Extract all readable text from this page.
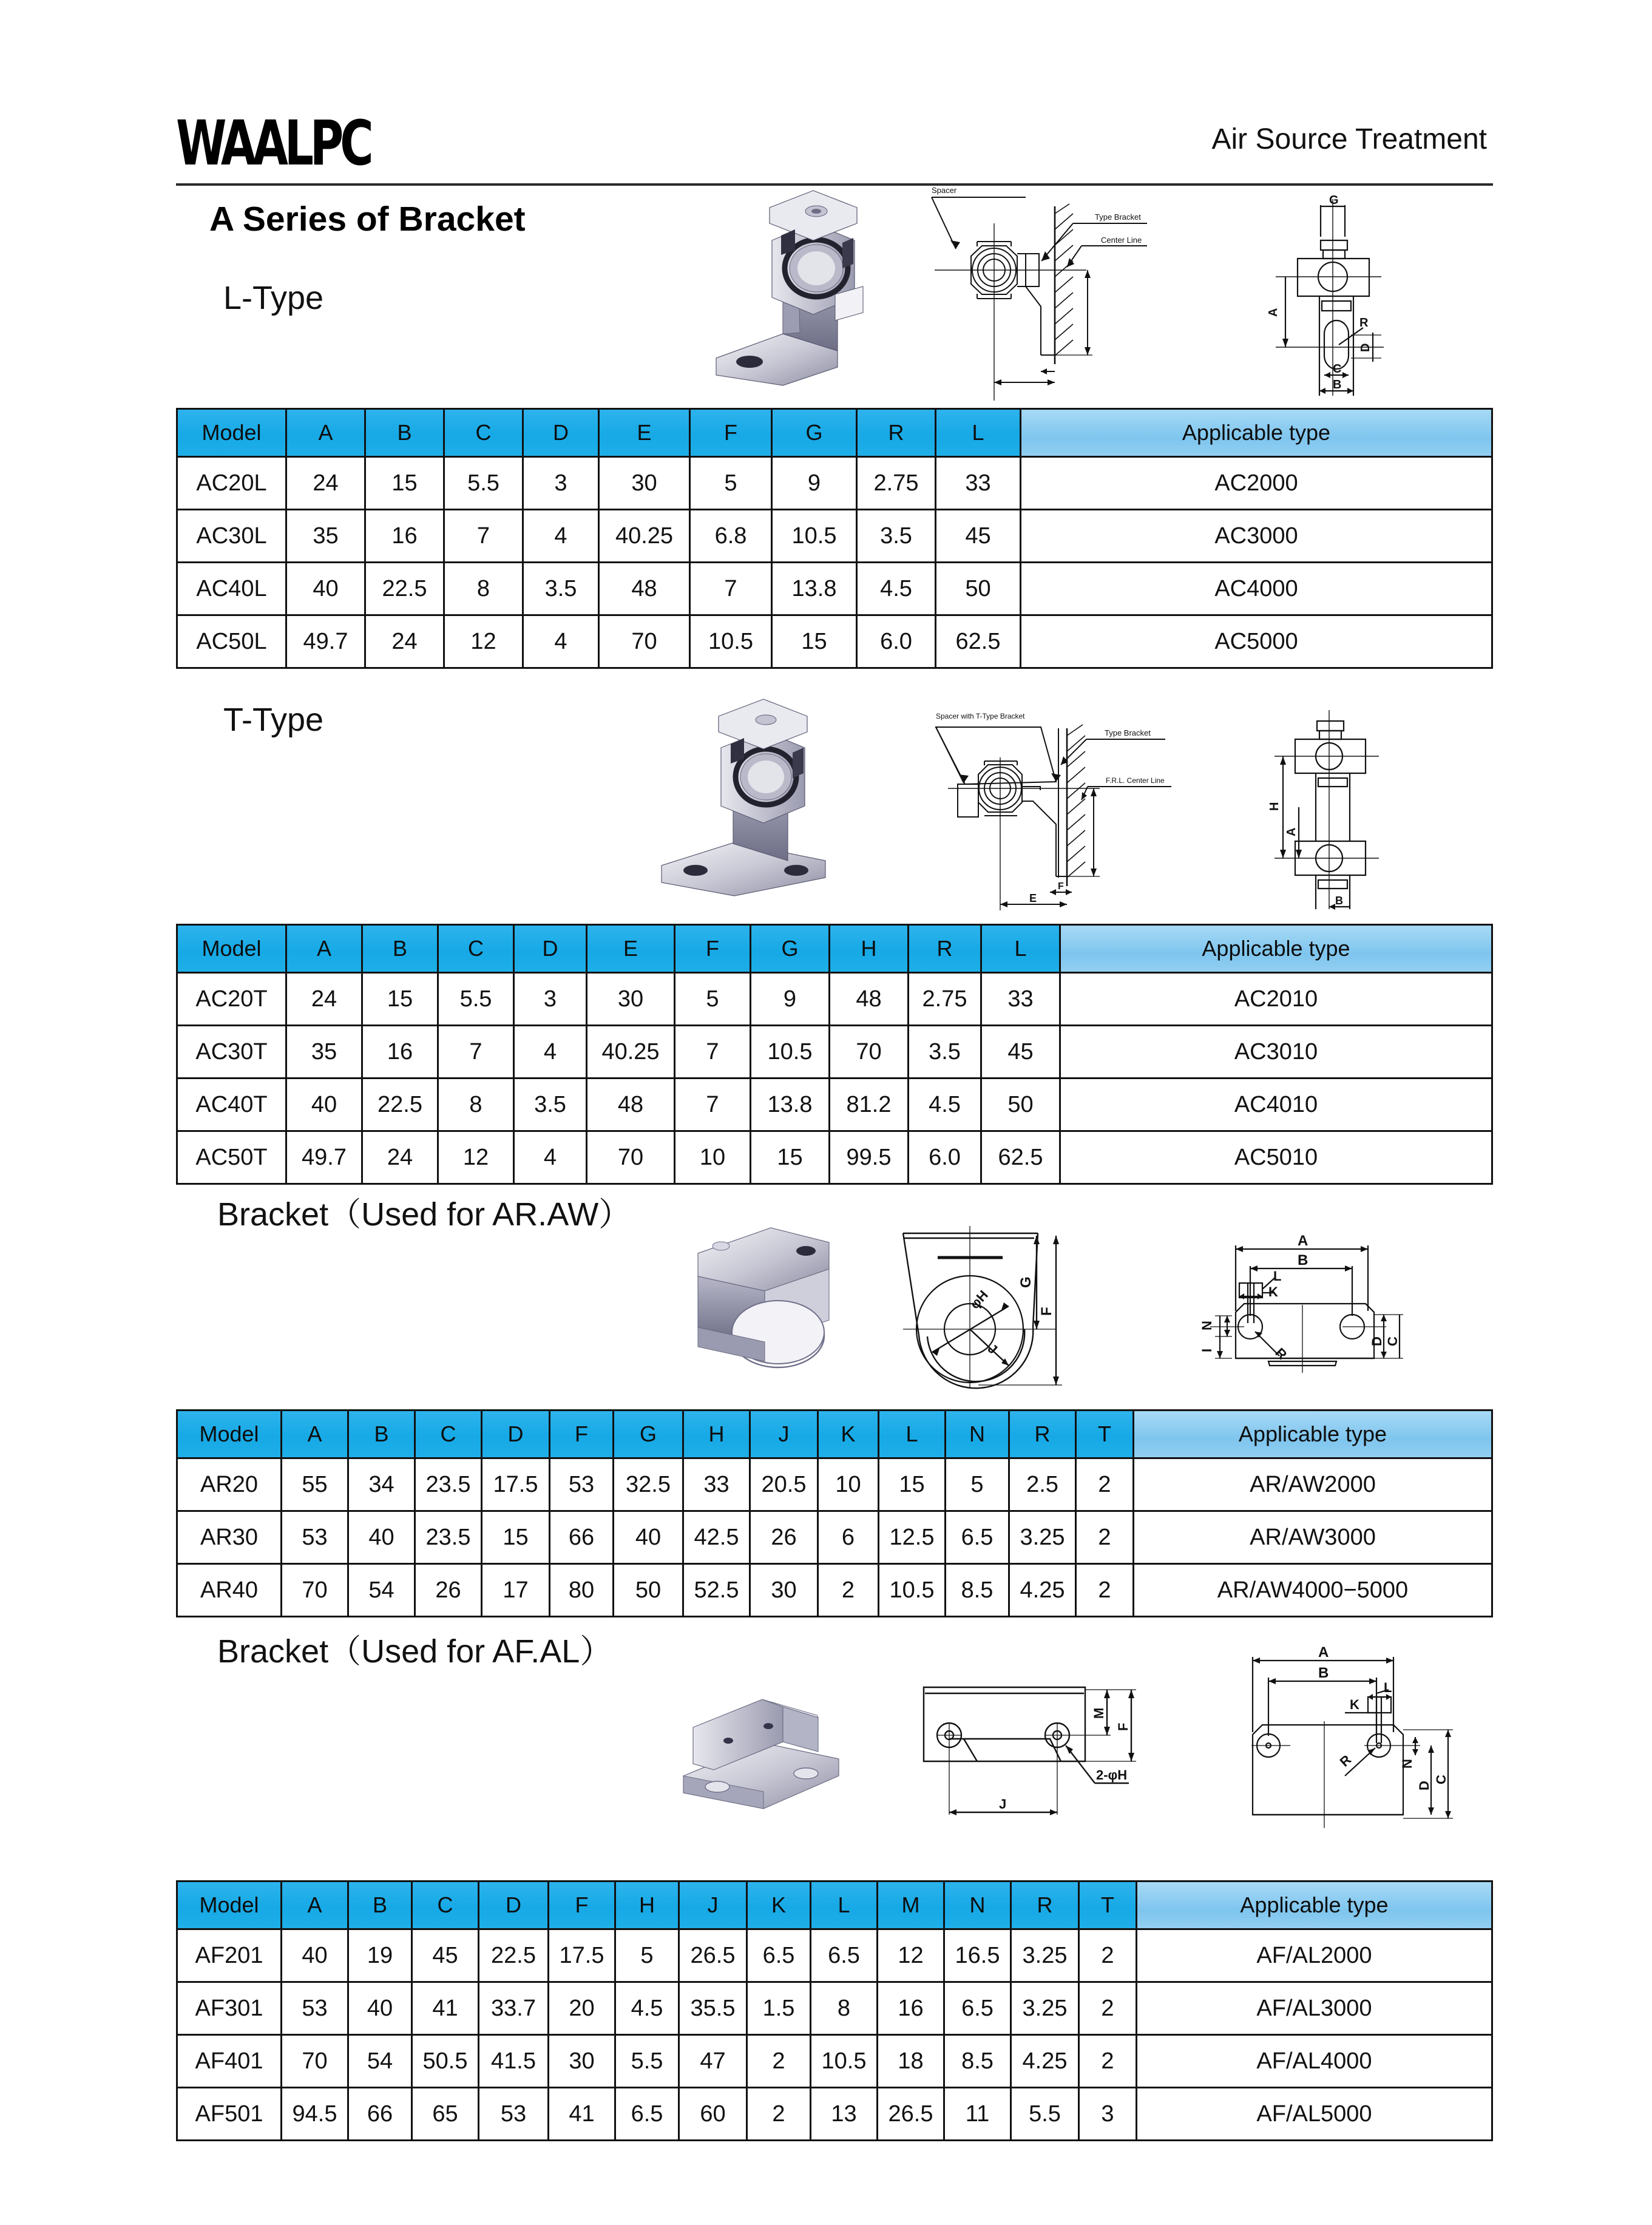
WAALPC	Air Source Treatment
A Series of Bracket
L-Type
Spacer
Type Bracket
Center Line
G
A
R
D
C
B
Model	A	B	C	D	E	F	G	R	L	Applicable type
AC20L	24	15	5.5	3	30	5	9	2.75	33	AC2000
AC30L	35	16	7	4	40.25	6.8	10.5	3.5	45	AC3000
AC40L	40	22.5	8	3.5	48	7	13.8	4.5	50	AC4000
AC50L	49.7	24	12	4	70	10.5	15	6.0	62.5	AC5000
T-Type	Spacer with T-Type Bracket
Type Bracket
F.R.L. Center Line
E
F
H
A
B
Model	A	B	C	D	E	F	G	H	R	L	Applicable type
AC20T	24	15	5.5	3	30	5	9	48	2.75	33	AC2010
AC30T	35	16	7	4	40.25	7	10.5	70	3.5	45	AC3010
AC40T	40	22.5	8	3.5	48	7	13.8	81.2	4.5	50	AC4010
AC50T	49.7	24	12	4	70	10	15	99.5	6.0	62.5	AC5010
Bracket（Used for AR.AW）
G
F
φH
J
A
B
L
K
N
I	R
D C
Model	A	B	C	D	F	G	H	J	K	L	N	R	T	Applicable type
AR20	55	34	23.5	17.5	53	32.5	33	20.5	10	15	5	2.5	2	AR/AW2000
AR30	53	40	23.5	15	66	40	42.5	26	6	12.5	6.5	3.25	2	AR/AW3000
AR40	70	54	26	17	80	50	52.5	30	2	10.5	8.5	4.25	2	AR/AW4000−5000
Bracket（Used for AF.AL）
M
F
2-φH
J
A
B
L
K
R	N
D
C
Model	A	B	C	D	F	H	J	K	L	M	N	R	T	Applicable type
AF201	40	19	45	22.5	17.5	5	26.5	6.5	6.5	12	16.5	3.25	2	AF/AL2000
AF301	53	40	41	33.7	20	4.5	35.5	1.5	8	16	6.5	3.25	2	AF/AL3000
AF401	70	54	50.5	41.5	30	5.5	47	2	10.5	18	8.5	4.25	2	AF/AL4000
AF501	94.5	66	65	53	41	6.5	60	2	13	26.5	11	5.5	3	AF/AL5000
